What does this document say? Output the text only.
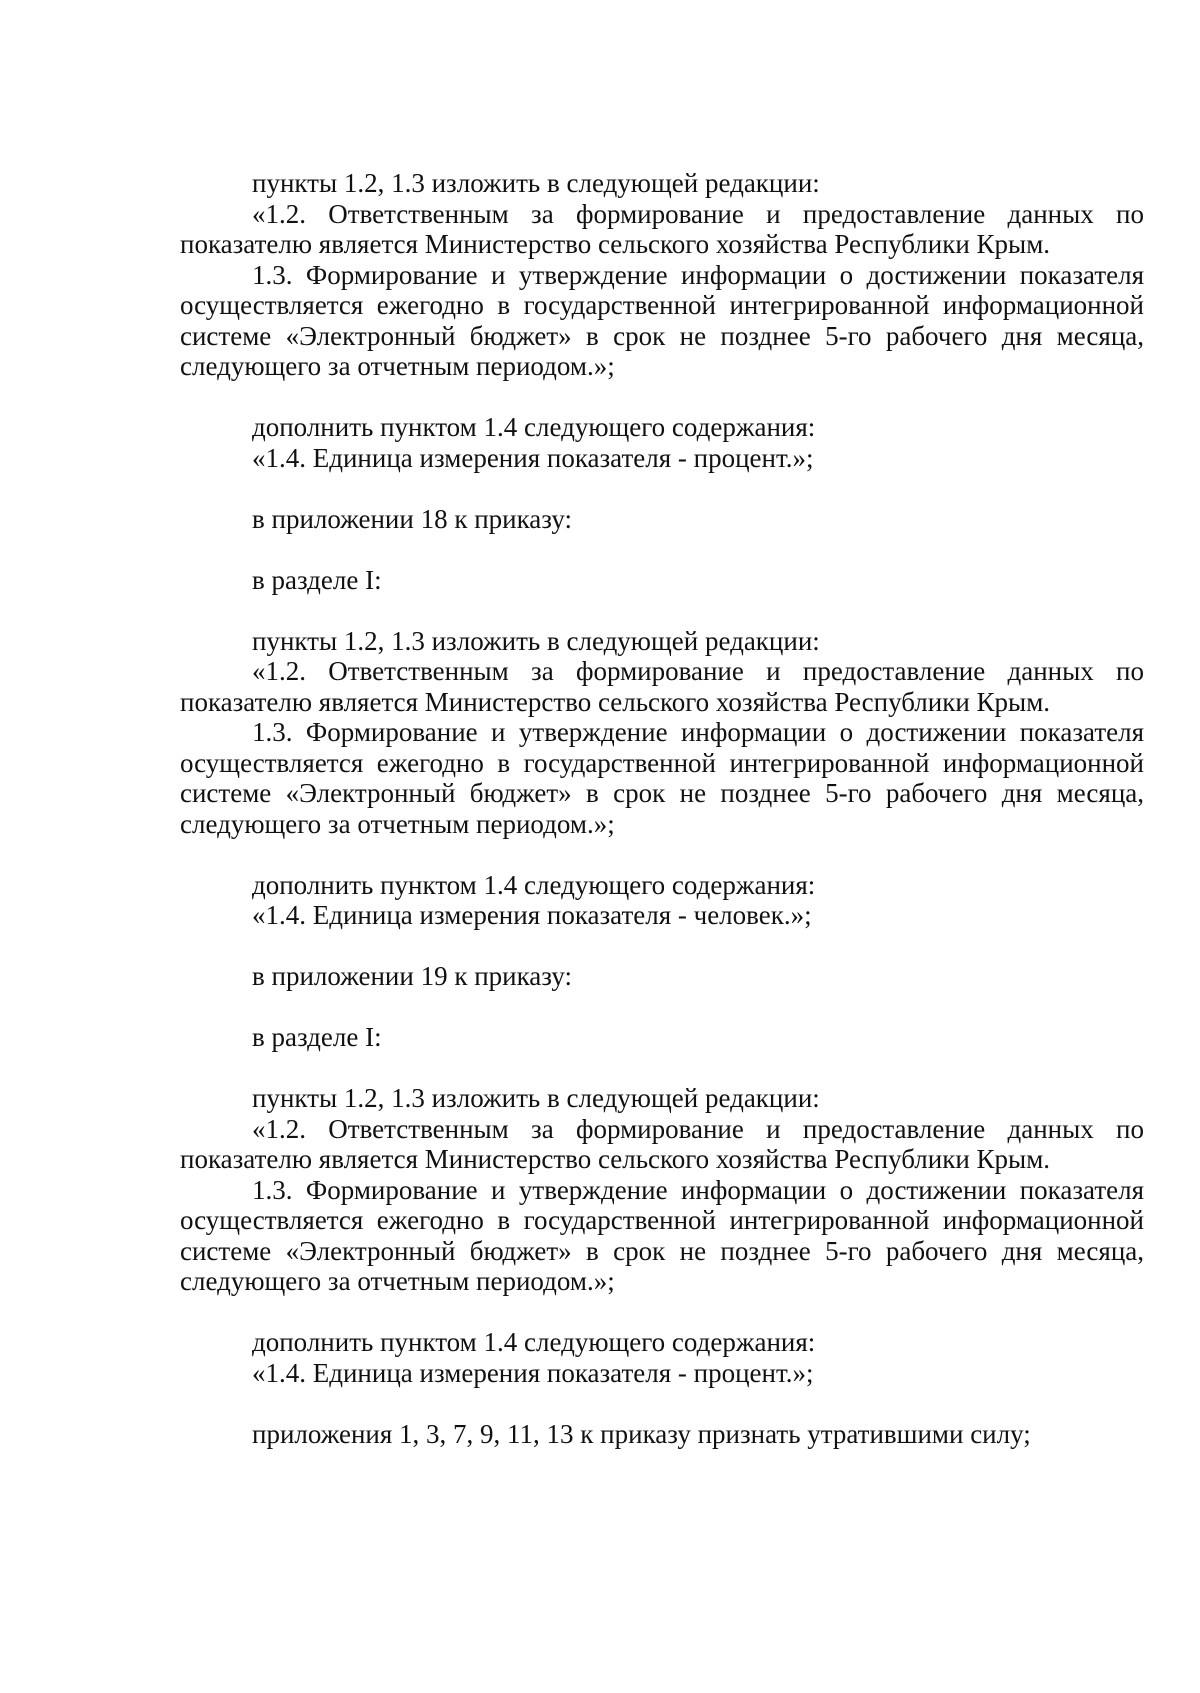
пункты 1.2, 1.3 изложить в следующей редакции:

«1.2. Ответственным за формирование и предоставление данных по показателю является Министерство сельского хозяйства Республики Крым.

1.3. Формирование и утверждение информации о достижении показателя осуществляется ежегодно в государственной интегрированной информационной системе «Электронный бюджет» в срок не позднее 5-го рабочего дня месяца, следующего за отчетным периодом.»;

дополнить пунктом 1.4 следующего содержания:

«1.4. Единица измерения показателя - процент.»;

в приложении 18 к приказу:

в разделе I:

пункты 1.2, 1.3 изложить в следующей редакции:

«1.2. Ответственным за формирование и предоставление данных по показателю является Министерство сельского хозяйства Республики Крым.

1.3. Формирование и утверждение информации о достижении показателя осуществляется ежегодно в государственной интегрированной информационной системе «Электронный бюджет» в срок не позднее 5-го рабочего дня месяца, следующего за отчетным периодом.»;

дополнить пунктом 1.4 следующего содержания:

«1.4. Единица измерения показателя - человек.»;

в приложении 19 к приказу:

в разделе I:

пункты 1.2, 1.3 изложить в следующей редакции:

«1.2. Ответственным за формирование и предоставление данных по показателю является Министерство сельского хозяйства Республики Крым.

1.3. Формирование и утверждение информации о достижении показателя осуществляется ежегодно в государственной интегрированной информационной системе «Электронный бюджет» в срок не позднее 5-го рабочего дня месяца, следующего за отчетным периодом.»;

дополнить пунктом 1.4 следующего содержания:

«1.4. Единица измерения показателя - процент.»;

приложения 1, 3, 7, 9, 11, 13 к приказу признать утратившими силу;
